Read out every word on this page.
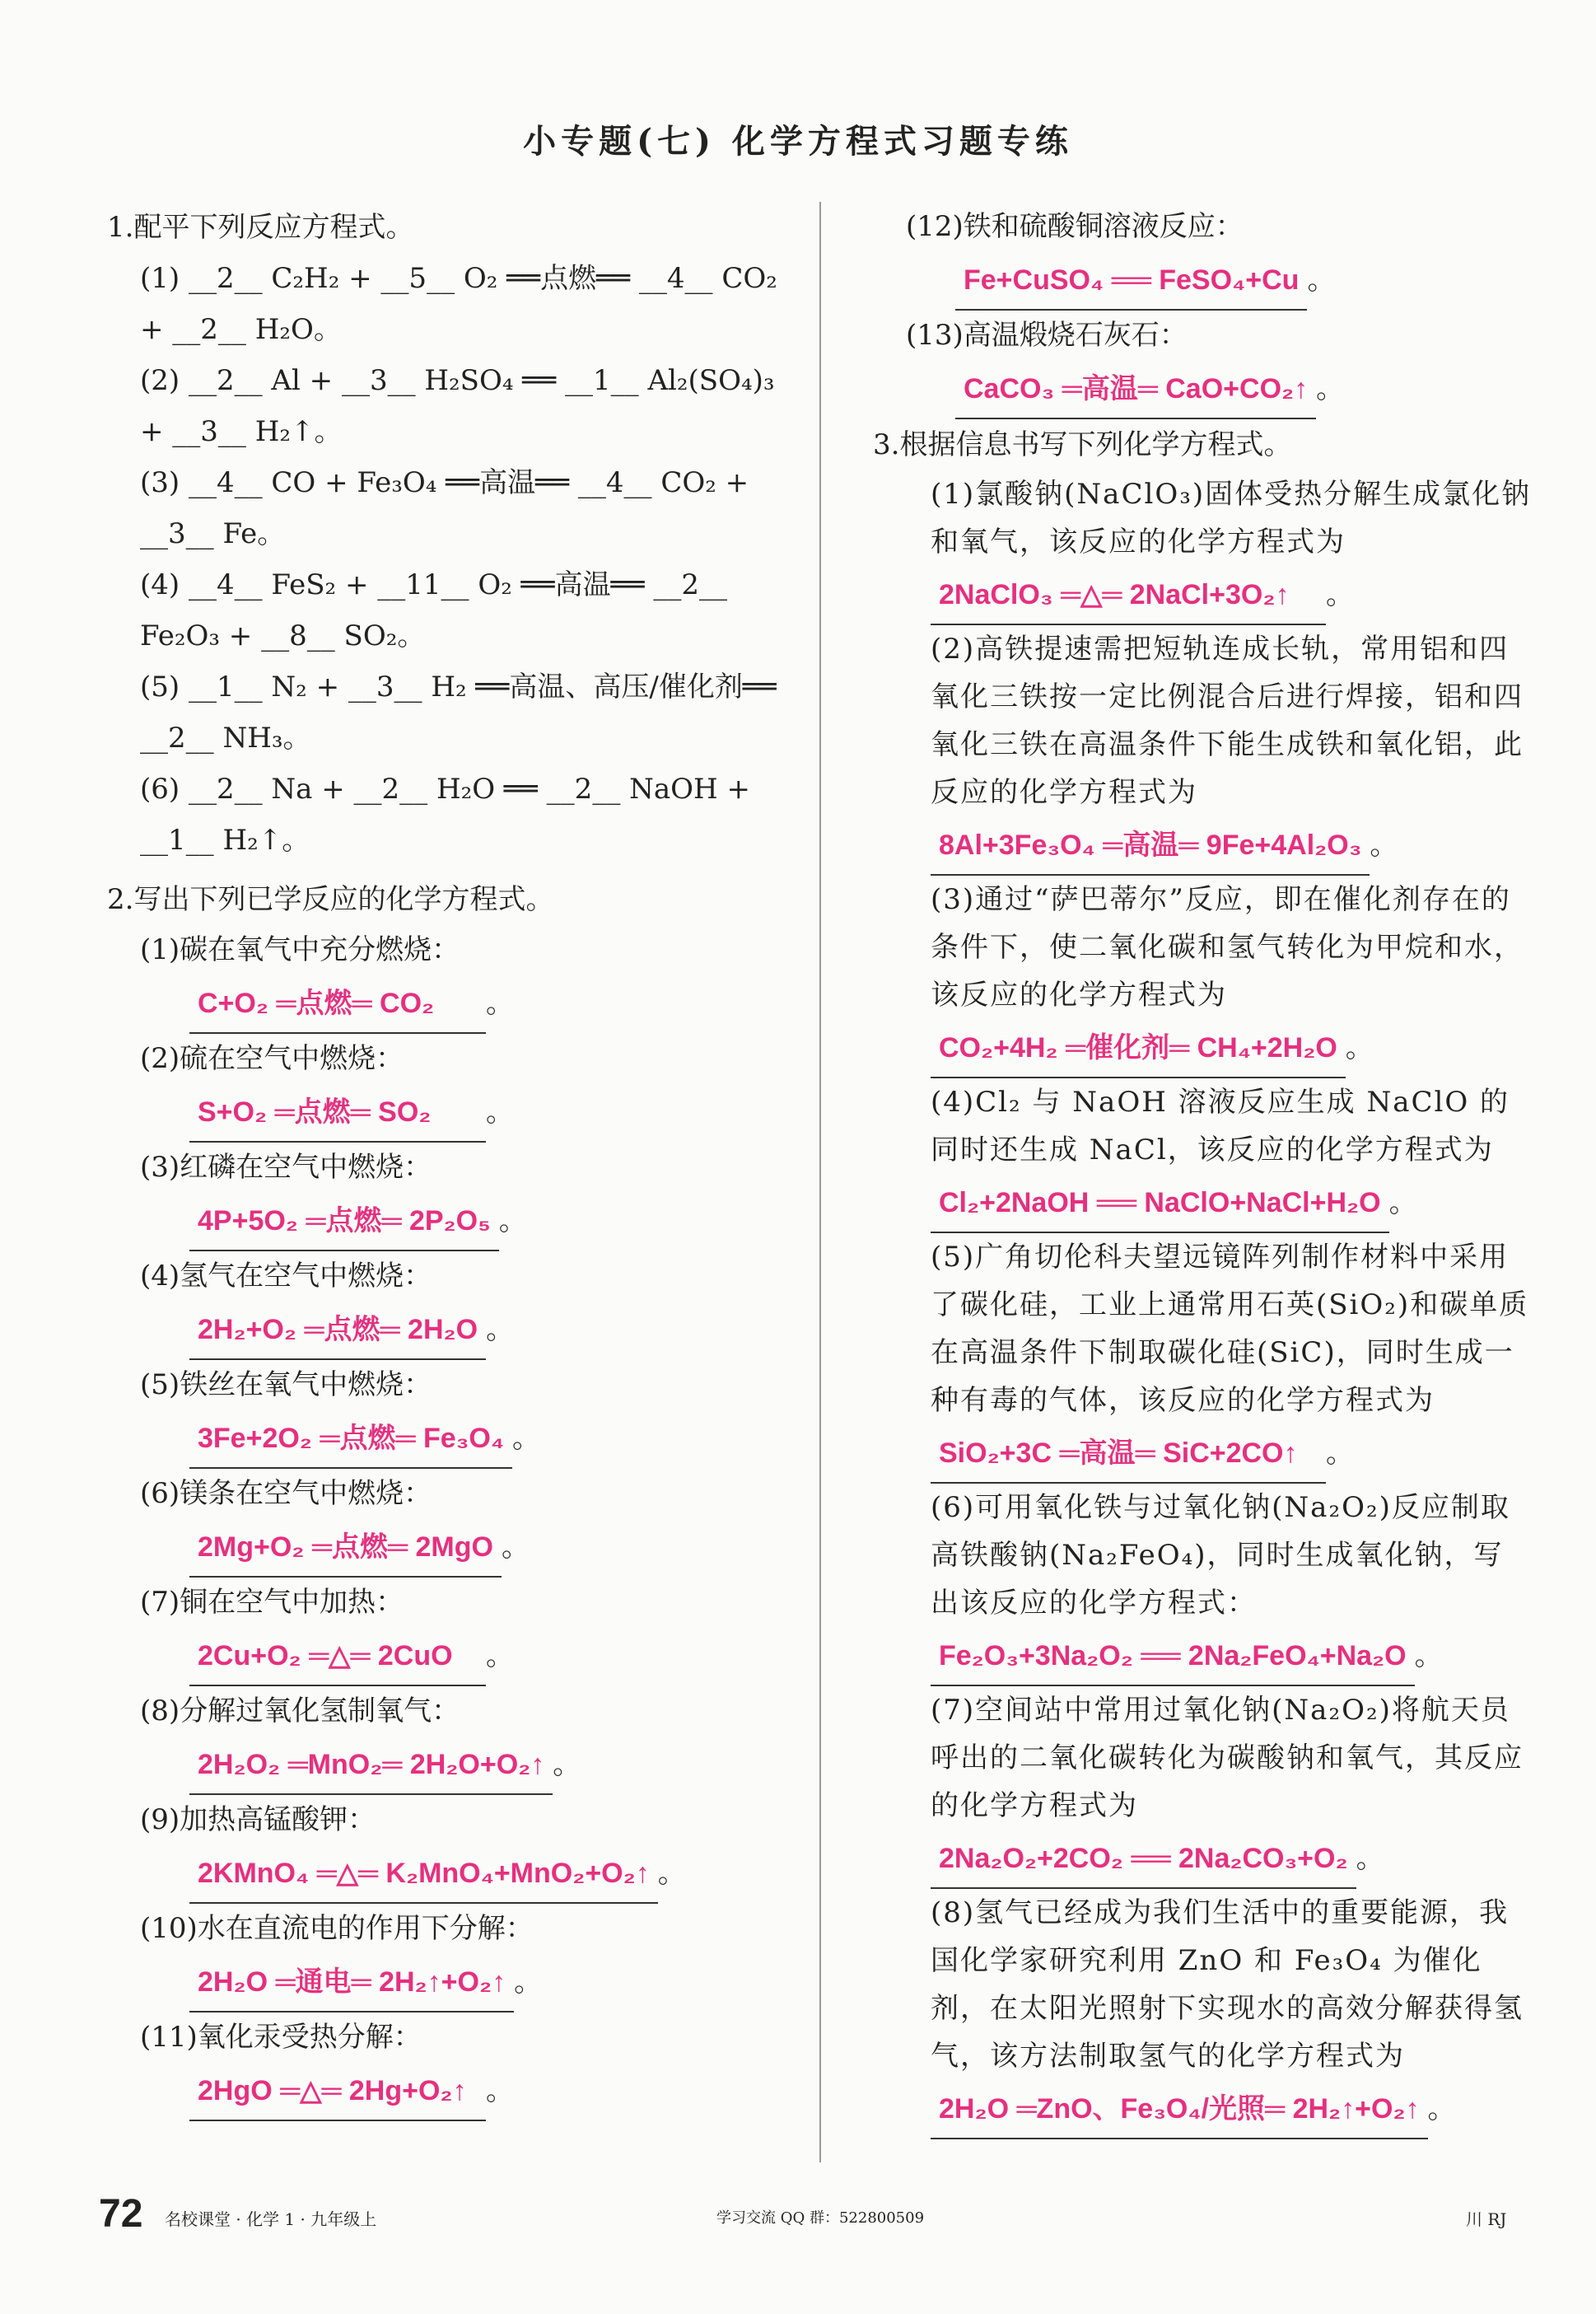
小专题(七) 化学方程式习题专练

1.配平下列反应方程式。

(1) __2__ C₂H₂ + __5__ O₂ ══点燃══ __4__ CO₂ + __2__ H₂O。
(2) __2__ Al + __3__ H₂SO₄ ══ __1__ Al₂(SO₄)₃ + __3__ H₂↑。
(3) __4__ CO + Fe₃O₄ ══高温══ __4__ CO₂ + __3__ Fe。
(4) __4__ FeS₂ + __11__ O₂ ══高温══ __2__ Fe₂O₃ + __8__ SO₂。
(5) __1__ N₂ + __3__ H₂ ══高温、高压/催化剂══ __2__ NH₃。
(6) __2__ Na + __2__ H₂O ══ __2__ NaOH + __1__ H₂↑。

2.写出下列已学反应的化学方程式。

(1)碳在氧气中充分燃烧：
C+O₂ ═点燃═ CO₂ 。
(2)硫在空气中燃烧：
S+O₂ ═点燃═ SO₂ 。
(3)红磷在空气中燃烧：
4P+5O₂ ═点燃═ 2P₂O₅ 。
(4)氢气在空气中燃烧：
2H₂+O₂ ═点燃═ 2H₂O 。
(5)铁丝在氧气中燃烧：
3Fe+2O₂ ═点燃═ Fe₃O₄ 。
(6)镁条在空气中燃烧：
2Mg+O₂ ═点燃═ 2MgO 。
(7)铜在空气中加热：
2Cu+O₂ ═△═ 2CuO 。
(8)分解过氧化氢制氧气：
2H₂O₂ ═MnO₂═ 2H₂O+O₂↑ 。
(9)加热高锰酸钾：
2KMnO₄ ═△═ K₂MnO₄+MnO₂+O₂↑ 。
(10)水在直流电的作用下分解：
2H₂O ═通电═ 2H₂↑+O₂↑ 。
(11)氧化汞受热分解：
2HgO ═△═ 2Hg+O₂↑ 。
(12)铁和硫酸铜溶液反应：
Fe+CuSO₄ ══ FeSO₄+Cu 。
(13)高温煅烧石灰石：
CaCO₃ ═高温═ CaO+CO₂↑ 。

3.根据信息书写下列化学方程式。

(1)氯酸钠(NaClO₃)固体受热分解生成氯化钠和氧气，该反应的化学方程式为
2NaClO₃ ═△═ 2NaCl+3O₂↑ 。
(2)高铁提速需把短轨连成长轨，常用铝和四氧化三铁按一定比例混合后进行焊接，铝和四氧化三铁在高温条件下能生成铁和氧化铝，此反应的化学方程式为
8Al+3Fe₃O₄ ═高温═ 9Fe+4Al₂O₃ 。
(3)通过“萨巴蒂尔”反应，即在催化剂存在的条件下，使二氧化碳和氢气转化为甲烷和水，该反应的化学方程式为
CO₂+4H₂ ═催化剂═ CH₄+2H₂O 。
(4)Cl₂ 与 NaOH 溶液反应生成 NaClO 的同时还生成 NaCl，该反应的化学方程式为
Cl₂+2NaOH ══ NaClO+NaCl+H₂O 。
(5)广角切伦科夫望远镜阵列制作材料中采用了碳化硅，工业上通常用石英(SiO₂)和碳单质在高温条件下制取碳化硅(SiC)，同时生成一种有毒的气体，该反应的化学方程式为
SiO₂+3C ═高温═ SiC+2CO↑ 。
(6)可用氧化铁与过氧化钠(Na₂O₂)反应制取高铁酸钠(Na₂FeO₄)，同时生成氧化钠，写出该反应的化学方程式：
Fe₂O₃+3Na₂O₂ ══ 2Na₂FeO₄+Na₂O 。
(7)空间站中常用过氧化钠(Na₂O₂)将航天员呼出的二氧化碳转化为碳酸钠和氧气，其反应的化学方程式为
2Na₂O₂+2CO₂ ══ 2Na₂CO₃+O₂ 。
(8)氢气已经成为我们生活中的重要能源，我国化学家研究利用 ZnO 和 Fe₃O₄ 为催化剂，在太阳光照射下实现水的高效分解获得氢气，该方法制取氢气的化学方程式为
2H₂O ═ZnO、Fe₃O₄/光照═ 2H₂↑+O₂↑ 。
72 名校课堂 · 化学 1 · 九年级上	学习交流 QQ 群：522800509	川 RJ
